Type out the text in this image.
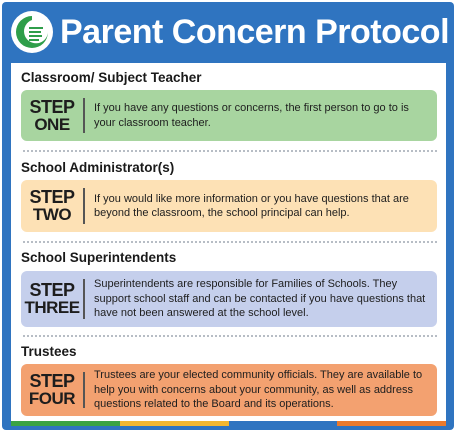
Parent Concern Protocol
Classroom/ Subject Teacher
STEP
ONE
If you have any questions or concerns, the first person to go to is your classroom teacher.
School Administrator(s)
STEP
TWO
If you would like more information or you have questions that are beyond the classroom, the school principal can help.
School Superintendents
STEP
THREE
Superintendents are responsible for Families of Schools. They support school staff and can be contacted if you have questions that have not been answered at the school level.
Trustees
STEP
FOUR
Trustees are your elected community officials. They are available to help you with concerns about your community, as well as address questions related to the Board and its operations.
